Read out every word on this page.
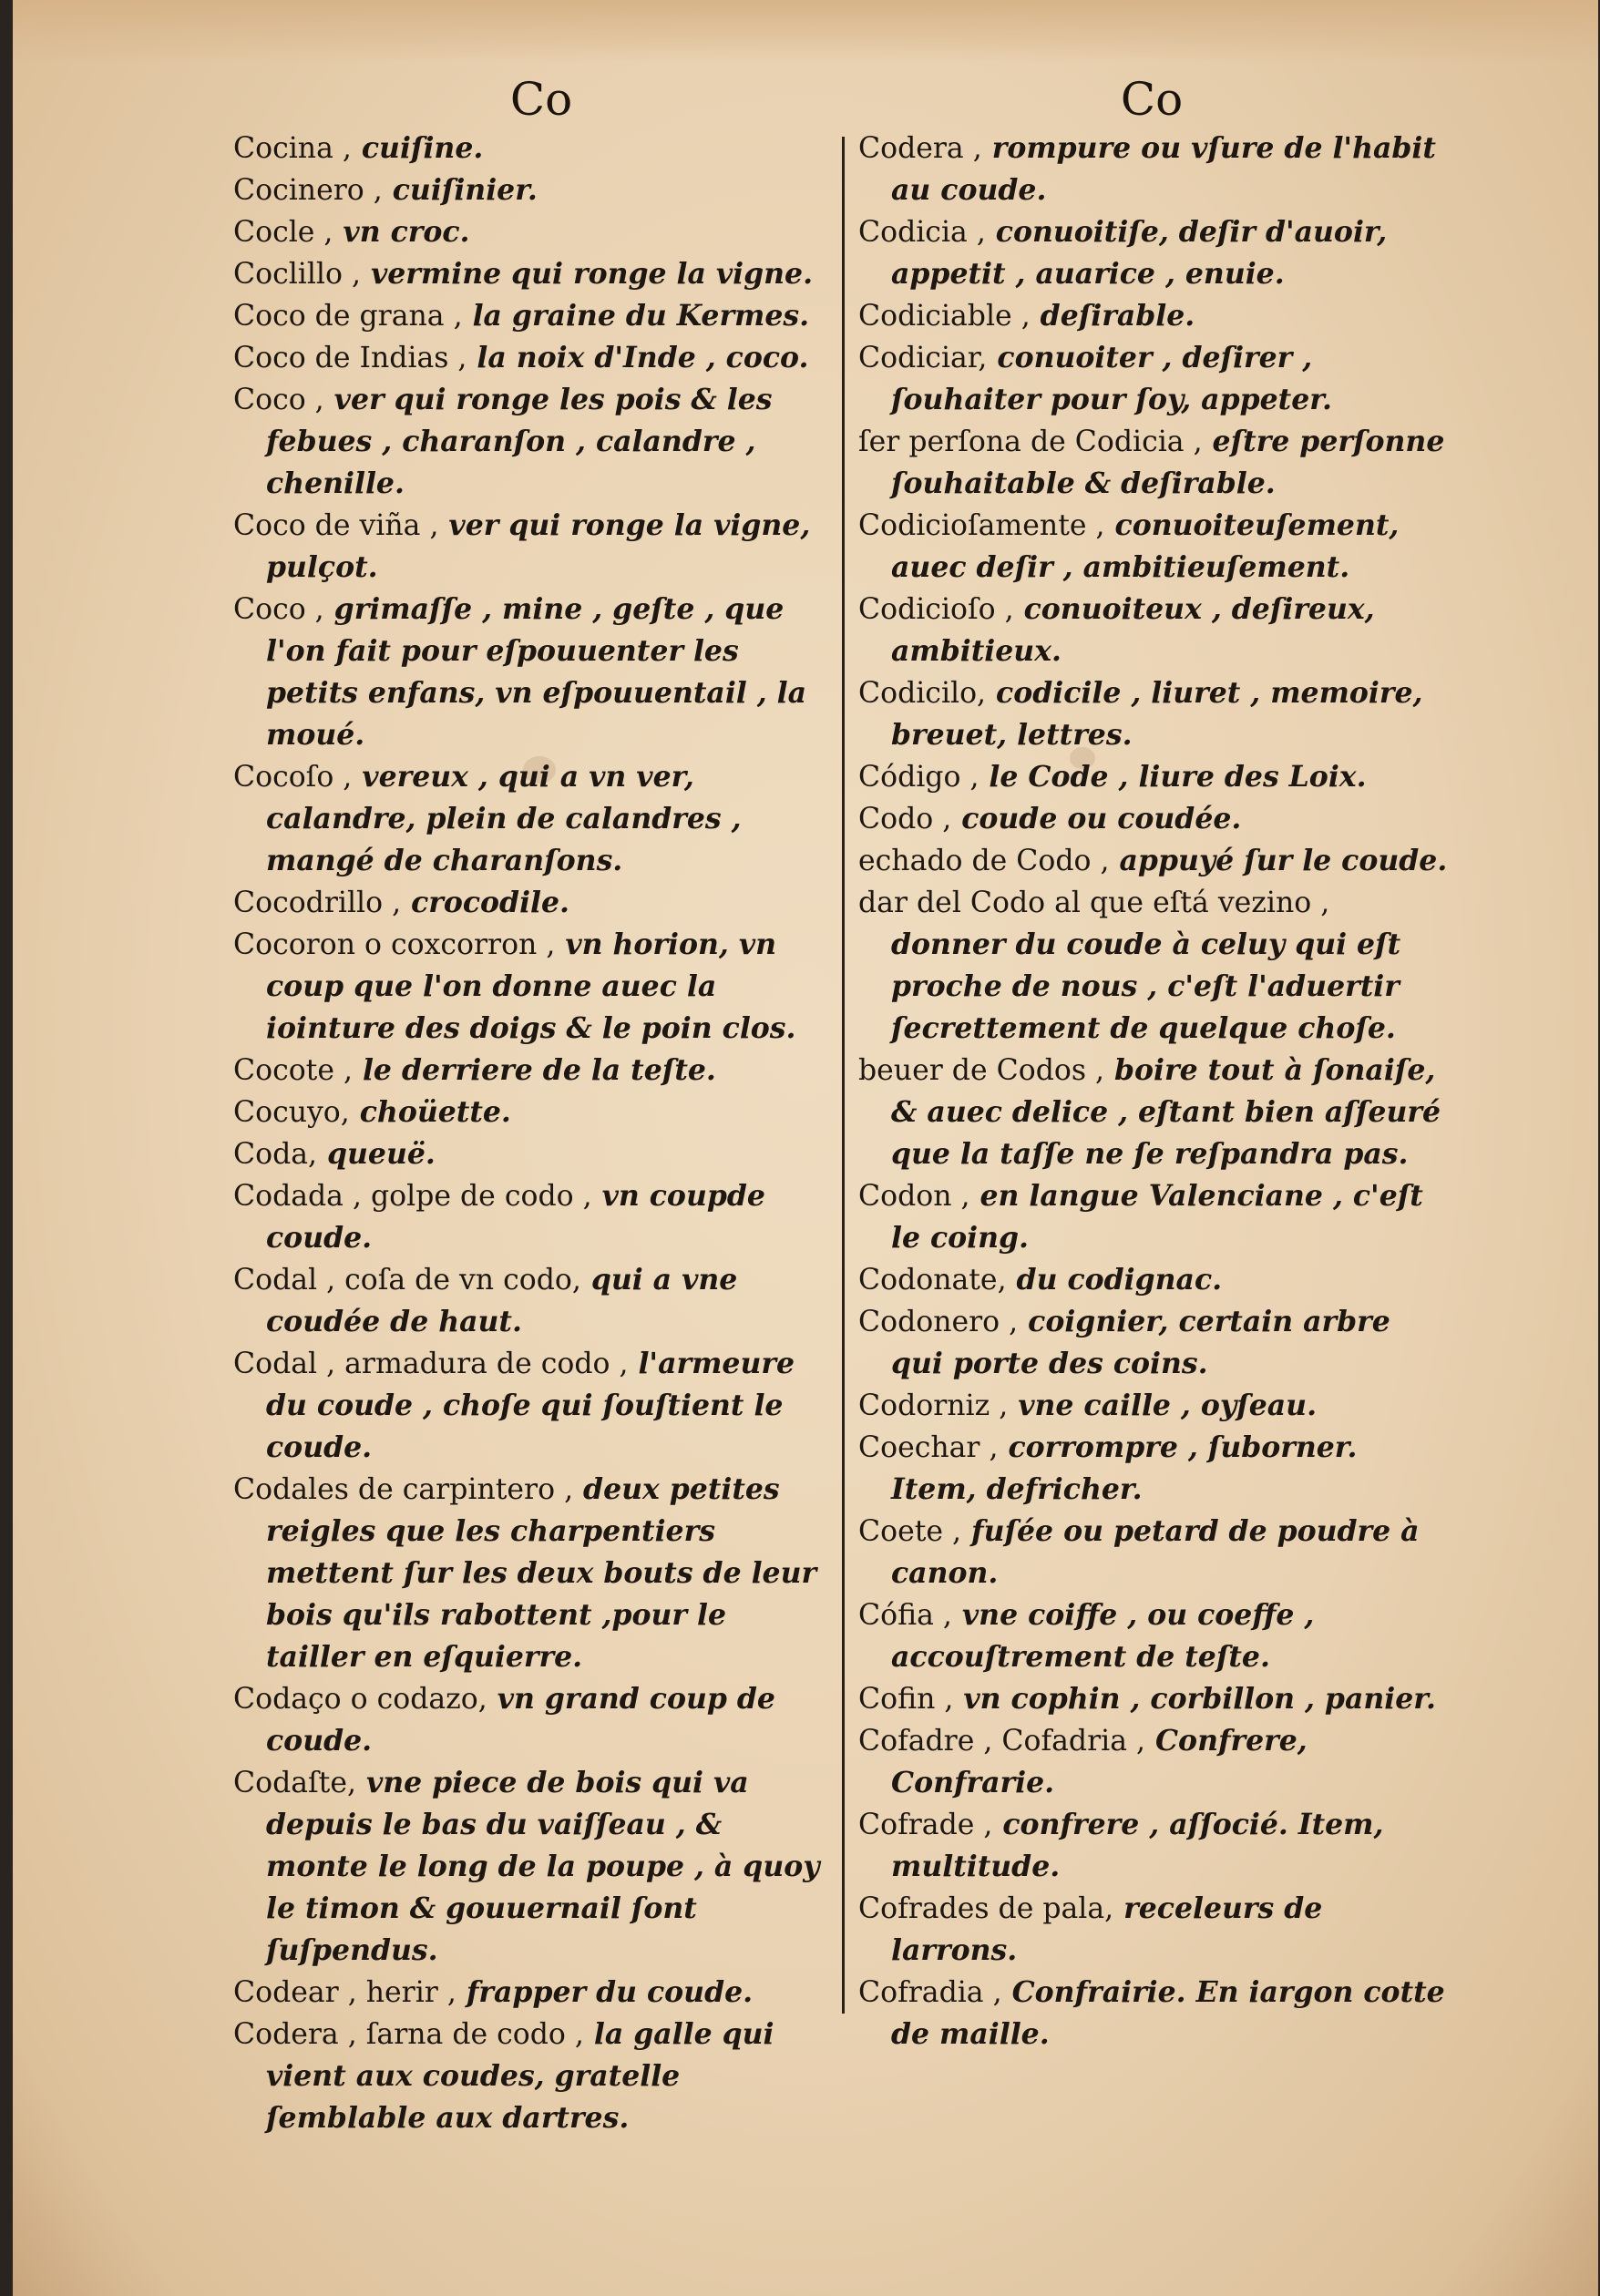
Co	Co

Cocina , cuiſine.

Cocinero , cuiſinier.

Cocle , vn croc.

Coclillo , vermine qui ronge la vigne.

Coco de grana , la graine du Kermes.

Coco de Indias , la noix d'Inde , coco.

Coco , ver qui ronge les pois & les febues , charanſon , calandre , chenille.

Coco de viña , ver qui ronge la vigne, pulçot.

Coco , grimaſſe , mine , geſte , que l'on fait pour eſpouuenter les petits enfans, vn eſpouuentail , la moué.

Cocoſo , vereux , qui a vn ver, calandre, plein de calandres , mangé de charanſons.

Cocodrillo , crocodile.

Cocoron o coxcorron , vn horion, vn coup que l'on donne auec la iointure des doigs & le poin clos.

Cocote , le derriere de la teſte.

Cocuyo, choüette.

Coda, queuë.

Codada , golpe de codo , vn coupde coude.

Codal , coſa de vn codo, qui a vne coudée de haut.

Codal , armadura de codo , l'armeure du coude , choſe qui ſouſtient le coude.

Codales de carpintero , deux petites reigles que les charpentiers mettent ſur les deux bouts de leur bois qu'ils rabottent ,pour le tailler en eſquierre.

Codaço o codazo, vn grand coup de coude.

Codaſte, vne piece de bois qui va depuis le bas du vaiſſeau , & monte le long de la poupe , à quoy le timon & gouuernail ſont ſuſpendus.

Codear , herir , frapper du coude.

Codera , ſarna de codo , la galle qui vient aux coudes, gratelle ſemblable aux dartres.

Codera , rompure ou vſure de l'habit au coude.

Codicia , conuoitiſe, deſir d'auoir, appetit , auarice , enuie.

Codiciable , deſirable.

Codiciar, conuoiter , deſirer , ſouhaiter pour ſoy, appeter.

ſer perſona de Codicia , eſtre perſonne ſouhaitable & deſirable.

Codicioſamente , conuoiteuſement, auec deſir , ambitieuſement.

Codicioſo , conuoiteux , deſireux, ambitieux.

Codicilo, codicile , liuret , memoire, breuet, lettres.

Código , le Code , liure des Loix.

Codo , coude ou coudée.

echado de Codo , appuyé ſur le coude.

dar del Codo al que eſtá vezino , donner du coude à celuy qui eſt proche de nous , c'eſt l'aduertir ſecrettement de quelque choſe.

beuer de Codos , boire tout à ſonaiſe, & auec delice , eſtant bien aſſeuré que la taſſe ne ſe reſpandra pas.

Codon , en langue Valenciane , c'eſt le coing.

Codonate, du codignac.

Codonero , coignier, certain arbre qui porte des coins.

Codorniz , vne caille , oyſeau.

Coechar , corrompre , ſuborner. Item, defricher.

Coete , fuſée ou petard de poudre à canon.

Cófia , vne coiffe , ou coeffe , accouſtrement de teſte.

Cofin , vn cophin , corbillon , panier.

Cofadre , Cofadria , Confrere, Confrarie.

Cofrade , confrere , aſſocié. Item, multitude.

Cofrades de pala, receleurs de larrons.

Cofradia , Confrairie. En iargon cotte de maille.
